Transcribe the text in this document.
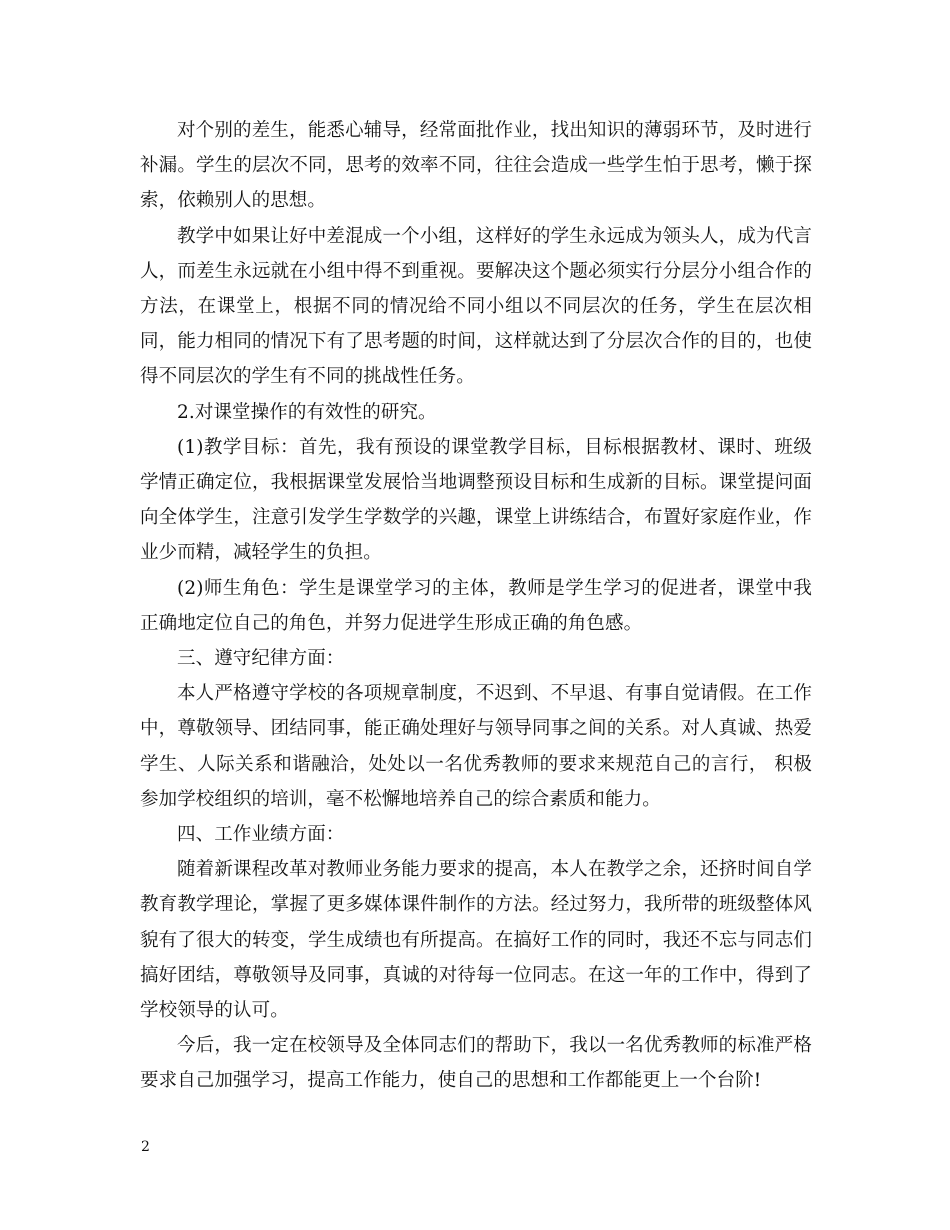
对个别的差生，能悉心辅导，经常面批作业，找出知识的薄弱环节，及时进行补漏。学生的层次不同，思考的效率不同，往往会造成一些学生怕于思考，懒于探索，依赖别人的思想。

教学中如果让好中差混成一个小组，这样好的学生永远成为领头人，成为代言人，而差生永远就在小组中得不到重视。要解决这个题必须实行分层分小组合作的方法，在课堂上，根据不同的情况给不同小组以不同层次的任务，学生在层次相同，能力相同的情况下有了思考题的时间，这样就达到了分层次合作的目的，也使得不同层次的学生有不同的挑战性任务。

2.对课堂操作的有效性的研究。

(1)教学目标：首先，我有预设的课堂教学目标，目标根据教材、课时、班级学情正确定位，我根据课堂发展恰当地调整预设目标和生成新的目标。课堂提问面向全体学生，注意引发学生学数学的兴趣，课堂上讲练结合，布置好家庭作业，作业少而精，减轻学生的负担。

(2)师生角色：学生是课堂学习的主体，教师是学生学习的促进者，课堂中我正确地定位自己的角色，并努力促进学生形成正确的角色感。

三、遵守纪律方面：

本人严格遵守学校的各项规章制度，不迟到、不早退、有事自觉请假。在工作中，尊敬领导、团结同事，能正确处理好与领导同事之间的关系。对人真诚、热爱学生、人际关系和谐融洽，处处以一名优秀教师的要求来规范自己的言行， 积极参加学校组织的培训，毫不松懈地培养自己的综合素质和能力。

四、工作业绩方面：

随着新课程改革对教师业务能力要求的提高，本人在教学之余，还挤时间自学教育教学理论，掌握了更多媒体课件制作的方法。经过努力，我所带的班级整体风貌有了很大的转变，学生成绩也有所提高。在搞好工作的同时，我还不忘与同志们搞好团结，尊敬领导及同事，真诚的对待每一位同志。在这一年的工作中，得到了学校领导的认可。

今后，我一定在校领导及全体同志们的帮助下，我以一名优秀教师的标准严格要求自己加强学习，提高工作能力，使自己的思想和工作都能更上一个台阶!

2
